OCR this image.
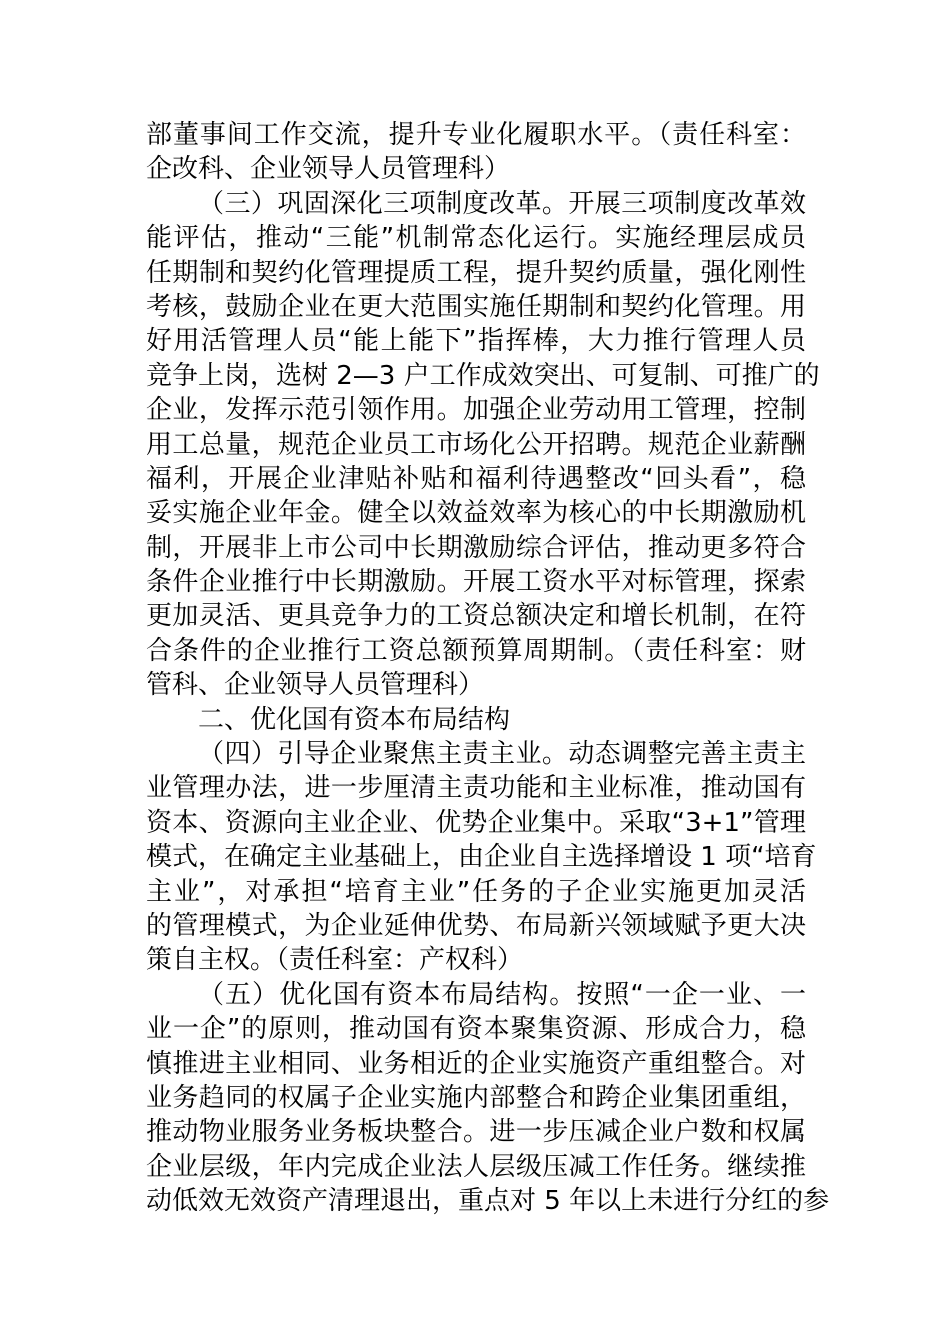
部董事间工作交流，提升专业化履职水平。（责任科室：
企改科、企业领导人员管理科）
（三）巩固深化三项制度改革。开展三项制度改革效
能评估，推动“三能”机制常态化运行。实施经理层成员
任期制和契约化管理提质工程，提升契约质量，强化刚性
考核，鼓励企业在更大范围实施任期制和契约化管理。用
好用活管理人员“能上能下”指挥棒，大力推行管理人员
竞争上岗，选树 2—3 户工作成效突出、可复制、可推广的
企业，发挥示范引领作用。加强企业劳动用工管理，控制
用工总量，规范企业员工市场化公开招聘。规范企业薪酬
福利，开展企业津贴补贴和福利待遇整改“回头看”，稳
妥实施企业年金。健全以效益效率为核心的中长期激励机
制，开展非上市公司中长期激励综合评估，推动更多符合
条件企业推行中长期激励。开展工资水平对标管理，探索
更加灵活、更具竞争力的工资总额决定和增长机制，在符
合条件的企业推行工资总额预算周期制。（责任科室：财
管科、企业领导人员管理科）
二、优化国有资本布局结构
（四）引导企业聚焦主责主业。动态调整完善主责主
业管理办法，进一步厘清主责功能和主业标准，推动国有
资本、资源向主业企业、优势企业集中。采取“3+1”管理
模式，在确定主业基础上，由企业自主选择增设 1 项“培育
主业”，对承担“培育主业”任务的子企业实施更加灵活
的管理模式，为企业延伸优势、布局新兴领域赋予更大决
策自主权。（责任科室：产权科）
（五）优化国有资本布局结构。按照“一企一业、一
业一企”的原则，推动国有资本聚集资源、形成合力，稳
慎推进主业相同、业务相近的企业实施资产重组整合。对
业务趋同的权属子企业实施内部整合和跨企业集团重组，
推动物业服务业务板块整合。进一步压减企业户数和权属
企业层级，年内完成企业法人层级压减工作任务。继续推
动低效无效资产清理退出，重点对 5 年以上未进行分红的参
